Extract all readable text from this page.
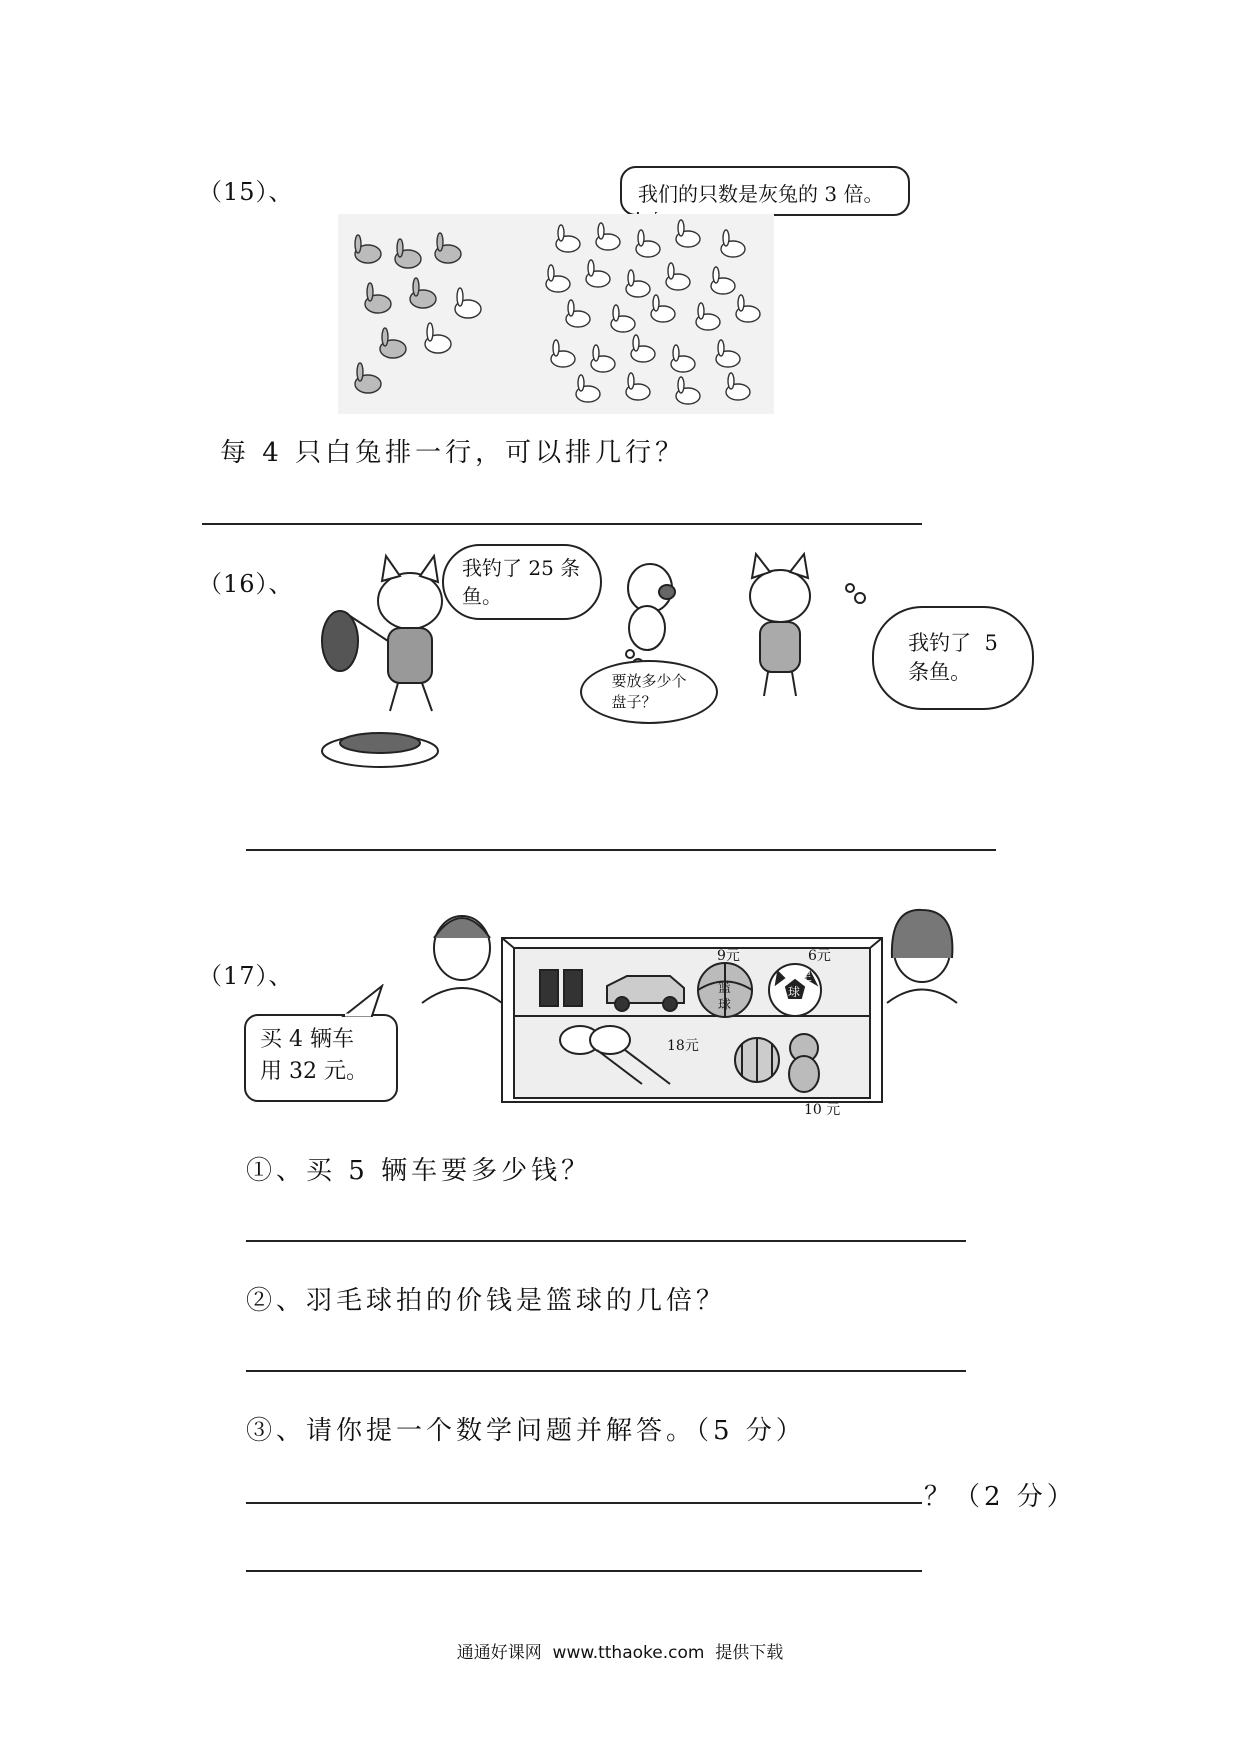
（15）、	我们的只数是灰兔的 3 倍。
每 4 只白兔排一行，可以排几行？
（16）、
我钓了 25 条鱼。
要放多少个
盘子？
我钓了  5
条鱼。
（17）、
9元	6元
18元
10 元
篮
球
足
球
买 4 辆车
用 32 元。
①、买 5 辆车要多少钱？
②、羽毛球拍的价钱是篮球的几倍？
③、请你提一个数学问题并解答。（5 分）
？（2 分）
通通好课网  www.tthaoke.com  提供下载
